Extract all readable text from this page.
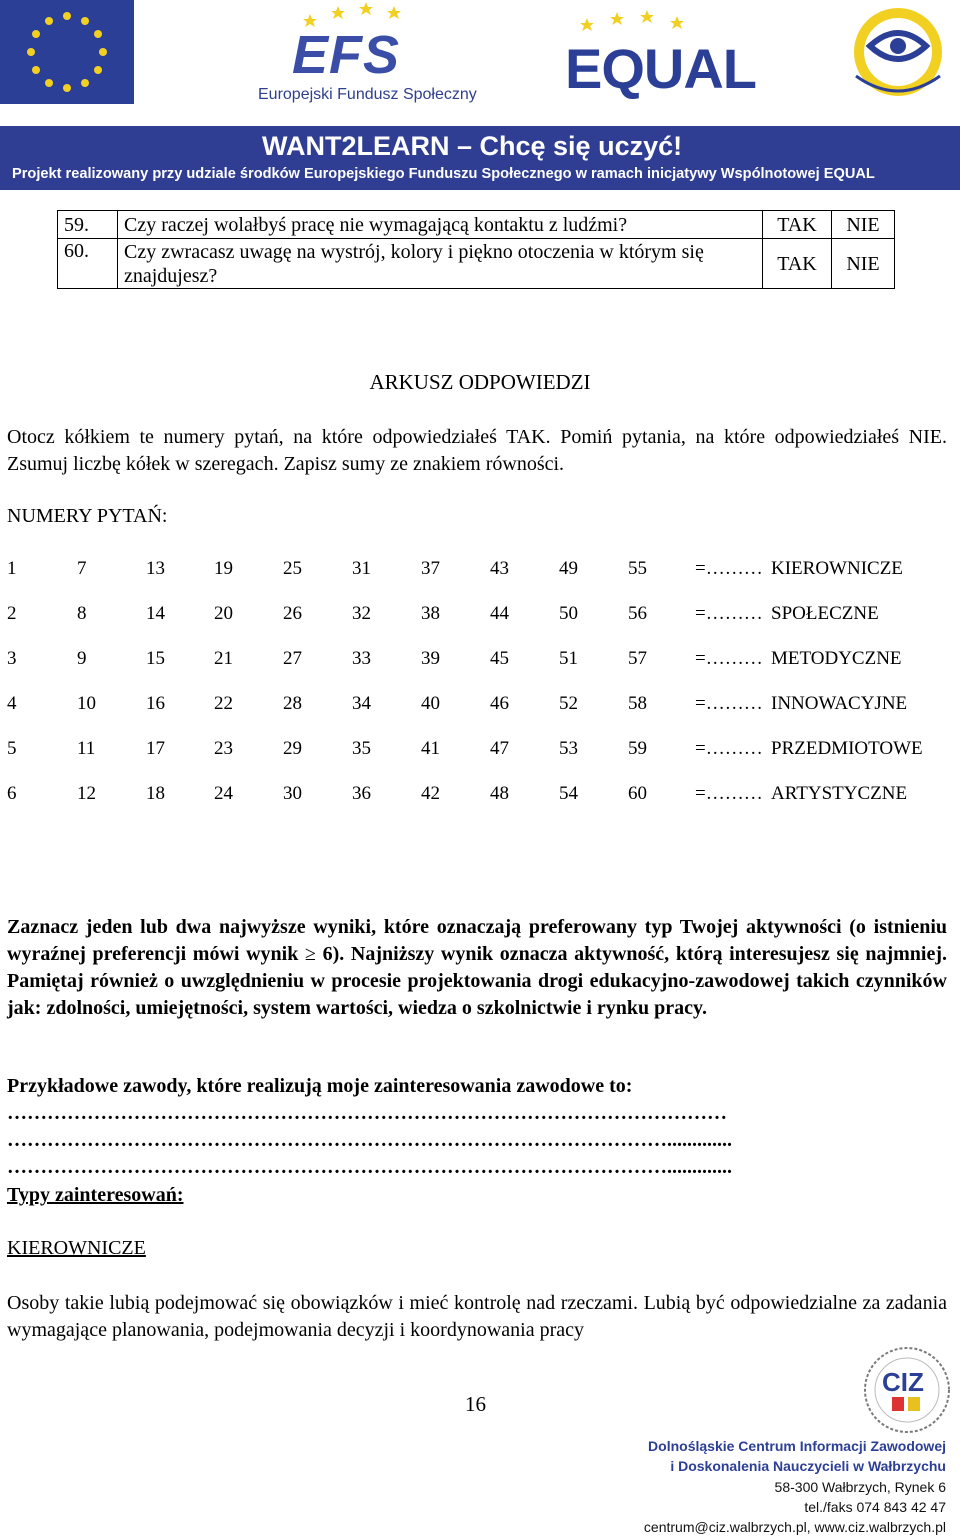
EFS
Europejski Fundusz Społeczny EQUAL
WANT2LEARN – Chcę się uczyć!
Projekt realizowany przy udziale środków Europejskiego Funduszu Społecznego w ramach inicjatywy Wspólnotowej EQUAL
59.	Czy raczej wolałbyś pracę nie wymagającą kontaktu z ludźmi?	TAK	NIE
60.	Czy zwracasz uwagę na wystrój, kolory i piękno otoczenia w którym się znajdujesz?	TAK	NIE
ARKUSZ ODPOWIEDZI
Otocz kółkiem te numery pytań, na które odpowiedziałeś TAK. Pomiń pytania, na które odpowiedziałeś NIE. Zsumuj liczbę kółek w szeregach. Zapisz sumy ze znakiem równości.
NUMERY PYTAŃ:
1	7	13	19	25	31	37	43	49	55	=……… KIEROWNICZE
2	8	14	20	26	32	38	44	50	56	=……… SPOŁECZNE
3	9	15	21	27	33	39	45	51	57	=……… METODYCZNE
4	10	16	22	28	34	40	46	52	58	=……… INNOWACYJNE
5	11	17	23	29	35	41	47	53	59	=……… PRZEDMIOTOWE
6	12	18	24	30	36	42	48	54	60	=……… ARTYSTYCZNE
Zaznacz jeden lub dwa najwyższe wyniki, które oznaczają preferowany typ Twojej aktywności (o istnieniu wyraźnej preferencji mówi wynik ≥ 6). Najniższy wynik oznacza aktywność, którą interesujesz się najmniej. Pamiętaj również o uwzględnieniu w procesie projektowania drogi edukacyjno-zawodowej takich czynników jak: zdolności, umiejętności, system wartości, wiedza o szkolnictwie i rynku pracy.
Przykładowe zawody, które realizują moje zainteresowania zawodowe to:
………………………………………………………………………………………………
……………………………………………………………………………………….............
……………………………………………………………………………………….............
Typy zainteresowań:
KIEROWNICZE
Osoby takie lubią podejmować się obowiązków i mieć kontrolę nad rzeczami. Lubią być odpowiedzialne za zadania wymagające planowania, podejmowania decyzji i koordynowania pracy
16
CIZ
Dolnośląskie Centrum Informacji Zawodowej
i Doskonalenia Nauczycieli w Wałbrzychu
58-300 Wałbrzych, Rynek 6
tel./faks 074 843 42 47
centrum@ciz.walbrzych.pl, www.ciz.walbrzych.pl
